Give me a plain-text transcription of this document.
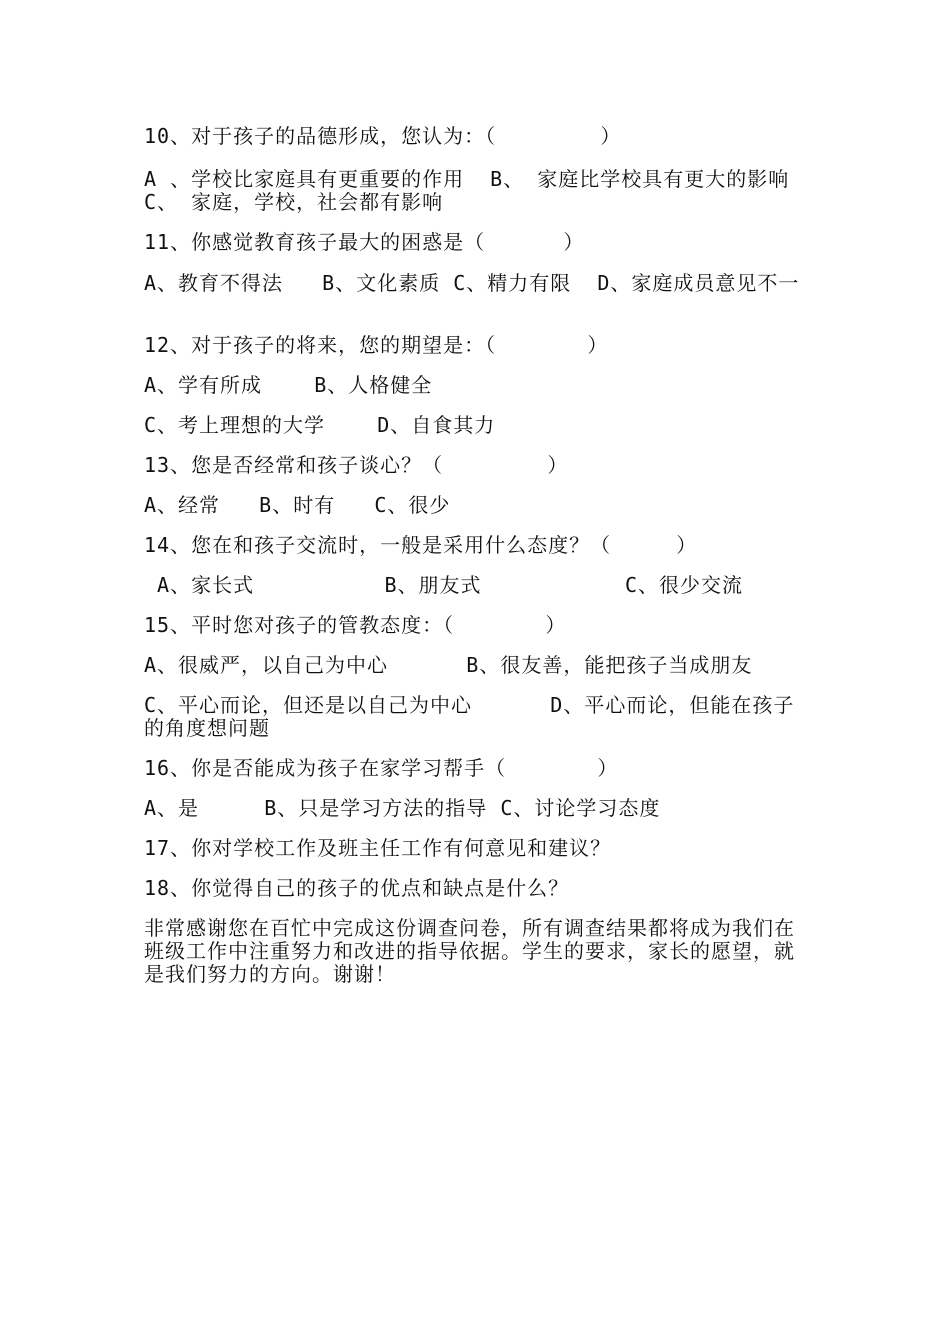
10、对于孩子的品德形成，您认为：（        ）
A 、学校比家庭具有更重要的作用  B、 家庭比学校具有更大的影响  C、 家庭，学校，社会都有影响
11、你感觉教育孩子最大的困惑是（      ）
A、教育不得法   B、文化素质 C、精力有限  D、家庭成员意见不一
12、对于孩子的将来，您的期望是：（       ）
A、学有所成    B、人格健全
C、考上理想的大学    D、自食其力
13、您是否经常和孩子谈心？（        ）
A、经常   B、时有   C、很少
14、您在和孩子交流时，一般是采用什么态度？（     ）
A、家长式          B、朋友式           C、很少交流
15、平时您对孩子的管教态度：（       ）
A、很威严，以自己为中心      B、很友善，能把孩子当成朋友
C、平心而论，但还是以自己为中心      D、平心而论，但能在孩子的角度想问题
16、你是否能成为孩子在家学习帮手（       ）
A、是     B、只是学习方法的指导 C、讨论学习态度
17、你对学校工作及班主任工作有何意见和建议？
18、你觉得自己的孩子的优点和缺点是什么？
非常感谢您在百忙中完成这份调查问卷，所有调查结果都将成为我们在班级工作中注重努力和改进的指导依据。学生的要求，家长的愿望，就是我们努力的方向。谢谢！
